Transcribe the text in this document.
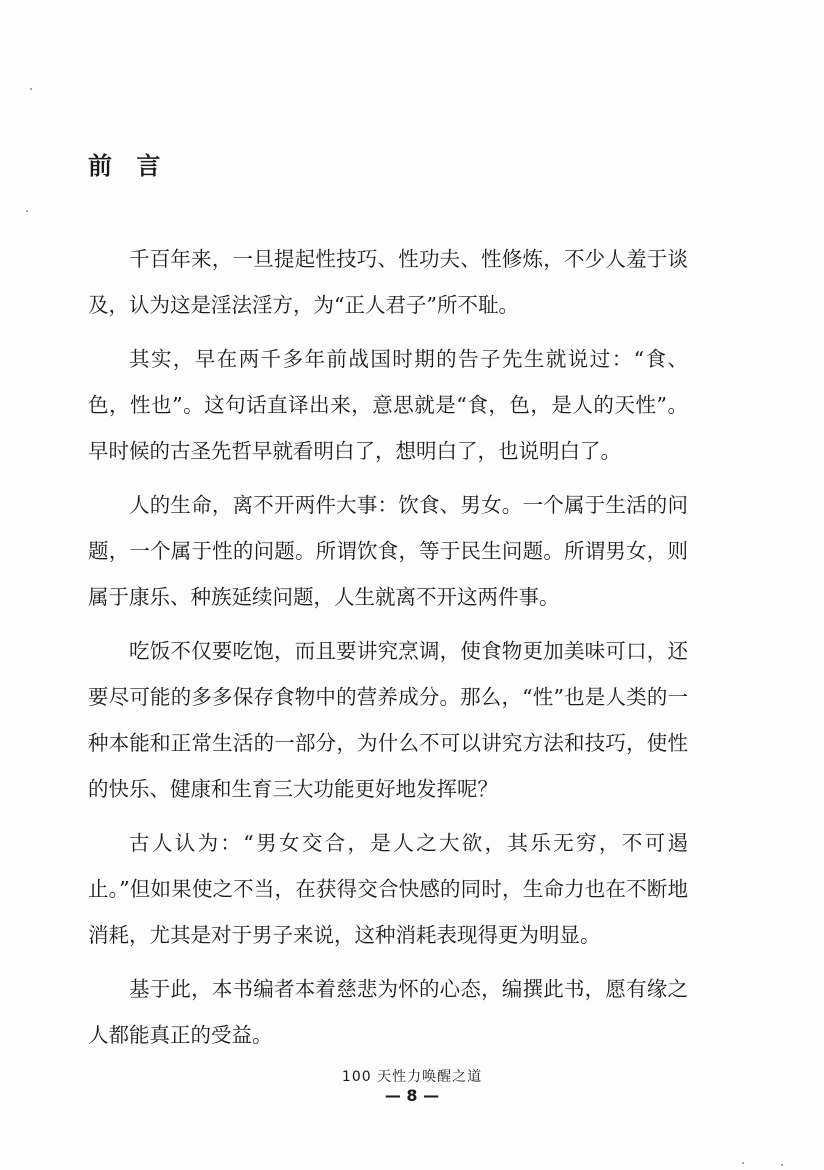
前 言

千百年来，一旦提起性技巧、性功夫、性修炼，不少人羞于谈及，认为这是淫法淫方，为“正人君子”所不耻。

其实，早在两千多年前战国时期的告子先生就说过：“食、色，性也”。这句话直译出来，意思就是“食，色，是人的天性”。早时候的古圣先哲早就看明白了，想明白了，也说明白了。

人的生命，离不开两件大事：饮食、男女。一个属于生活的问题，一个属于性的问题。所谓饮食，等于民生问题。所谓男女，则属于康乐、种族延续问题，人生就离不开这两件事。

吃饭不仅要吃饱，而且要讲究烹调，使食物更加美味可口，还要尽可能的多多保存食物中的营养成分。那么，“性”也是人类的一种本能和正常生活的一部分，为什么不可以讲究方法和技巧，使性的快乐、健康和生育三大功能更好地发挥呢？

古人认为：“男女交合，是人之大欲，其乐无穷，不可遏止。”但如果使之不当，在获得交合快感的同时，生命力也在不断地消耗，尤其是对于男子来说，这种消耗表现得更为明显。

基于此，本书编者本着慈悲为怀的心态，编撰此书，愿有缘之人都能真正的受益。

100 天性力唤醒之道
— 8 —
